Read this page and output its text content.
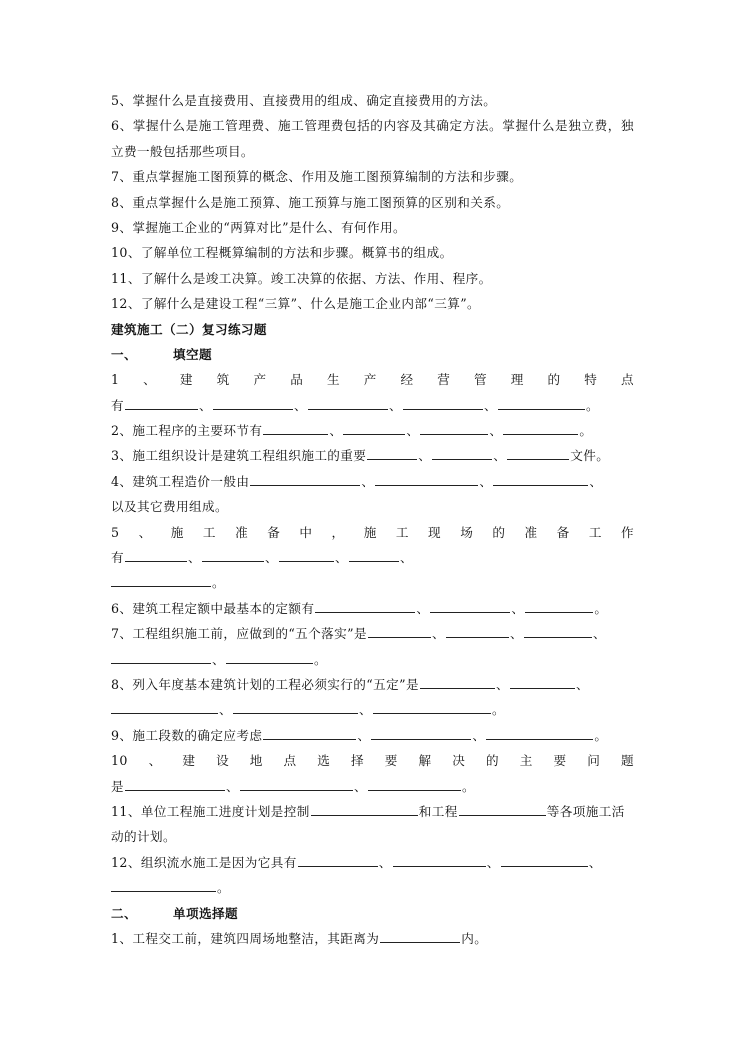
5、掌握什么是直接费用、直接费用的组成、确定直接费用的方法。
6、掌握什么是施工管理费、施工管理费包括的内容及其确定方法。掌握什么是独立费，独
立费一般包括那些项目。
7、重点掌握施工图预算的概念、作用及施工图预算编制的方法和步骤。
8、重点掌握什么是施工预算、施工预算与施工图预算的区别和关系。
9、掌握施工企业的“两算对比”是什么、有何作用。
10、了解单位工程概算编制的方法和步骤。概算书的组成。
11、了解什么是竣工决算。竣工决算的依据、方法、作用、程序。
12、了解什么是建设工程“三算”、什么是施工企业内部“三算”。
建筑施工（二）复习练习题
一、	填空题
1、建筑产品生产经营管理的特点
有	、	、	、	、	。
2、施工程序的主要环节有	、	、	、	。
3、施工组织设计是建筑工程组织施工的重要	、	、	文件。
4、建筑工程造价一般由	、	、	、
以及其它费用组成。
5、施工准备中，施工现场的准备工作
有	、	、	、	、
。
6、建筑工程定额中最基本的定额有	、	、	。
7、工程组织施工前，应做到的“五个落实”是	、	、	、
、	。
8、列入年度基本建筑计划的工程必须实行的“五定”是	、	、
、	、	。
9、施工段数的确定应考虑	、	、	。
10、建设地点选择要解决的主要问题
是	、	、	。
11、单位工程施工进度计划是控制	和工程	等各项施工活
动的计划。
12、组织流水施工是因为它具有	、	、	、
。
二、	单项选择题
1、工程交工前，建筑四周场地整洁，其距离为	内。
